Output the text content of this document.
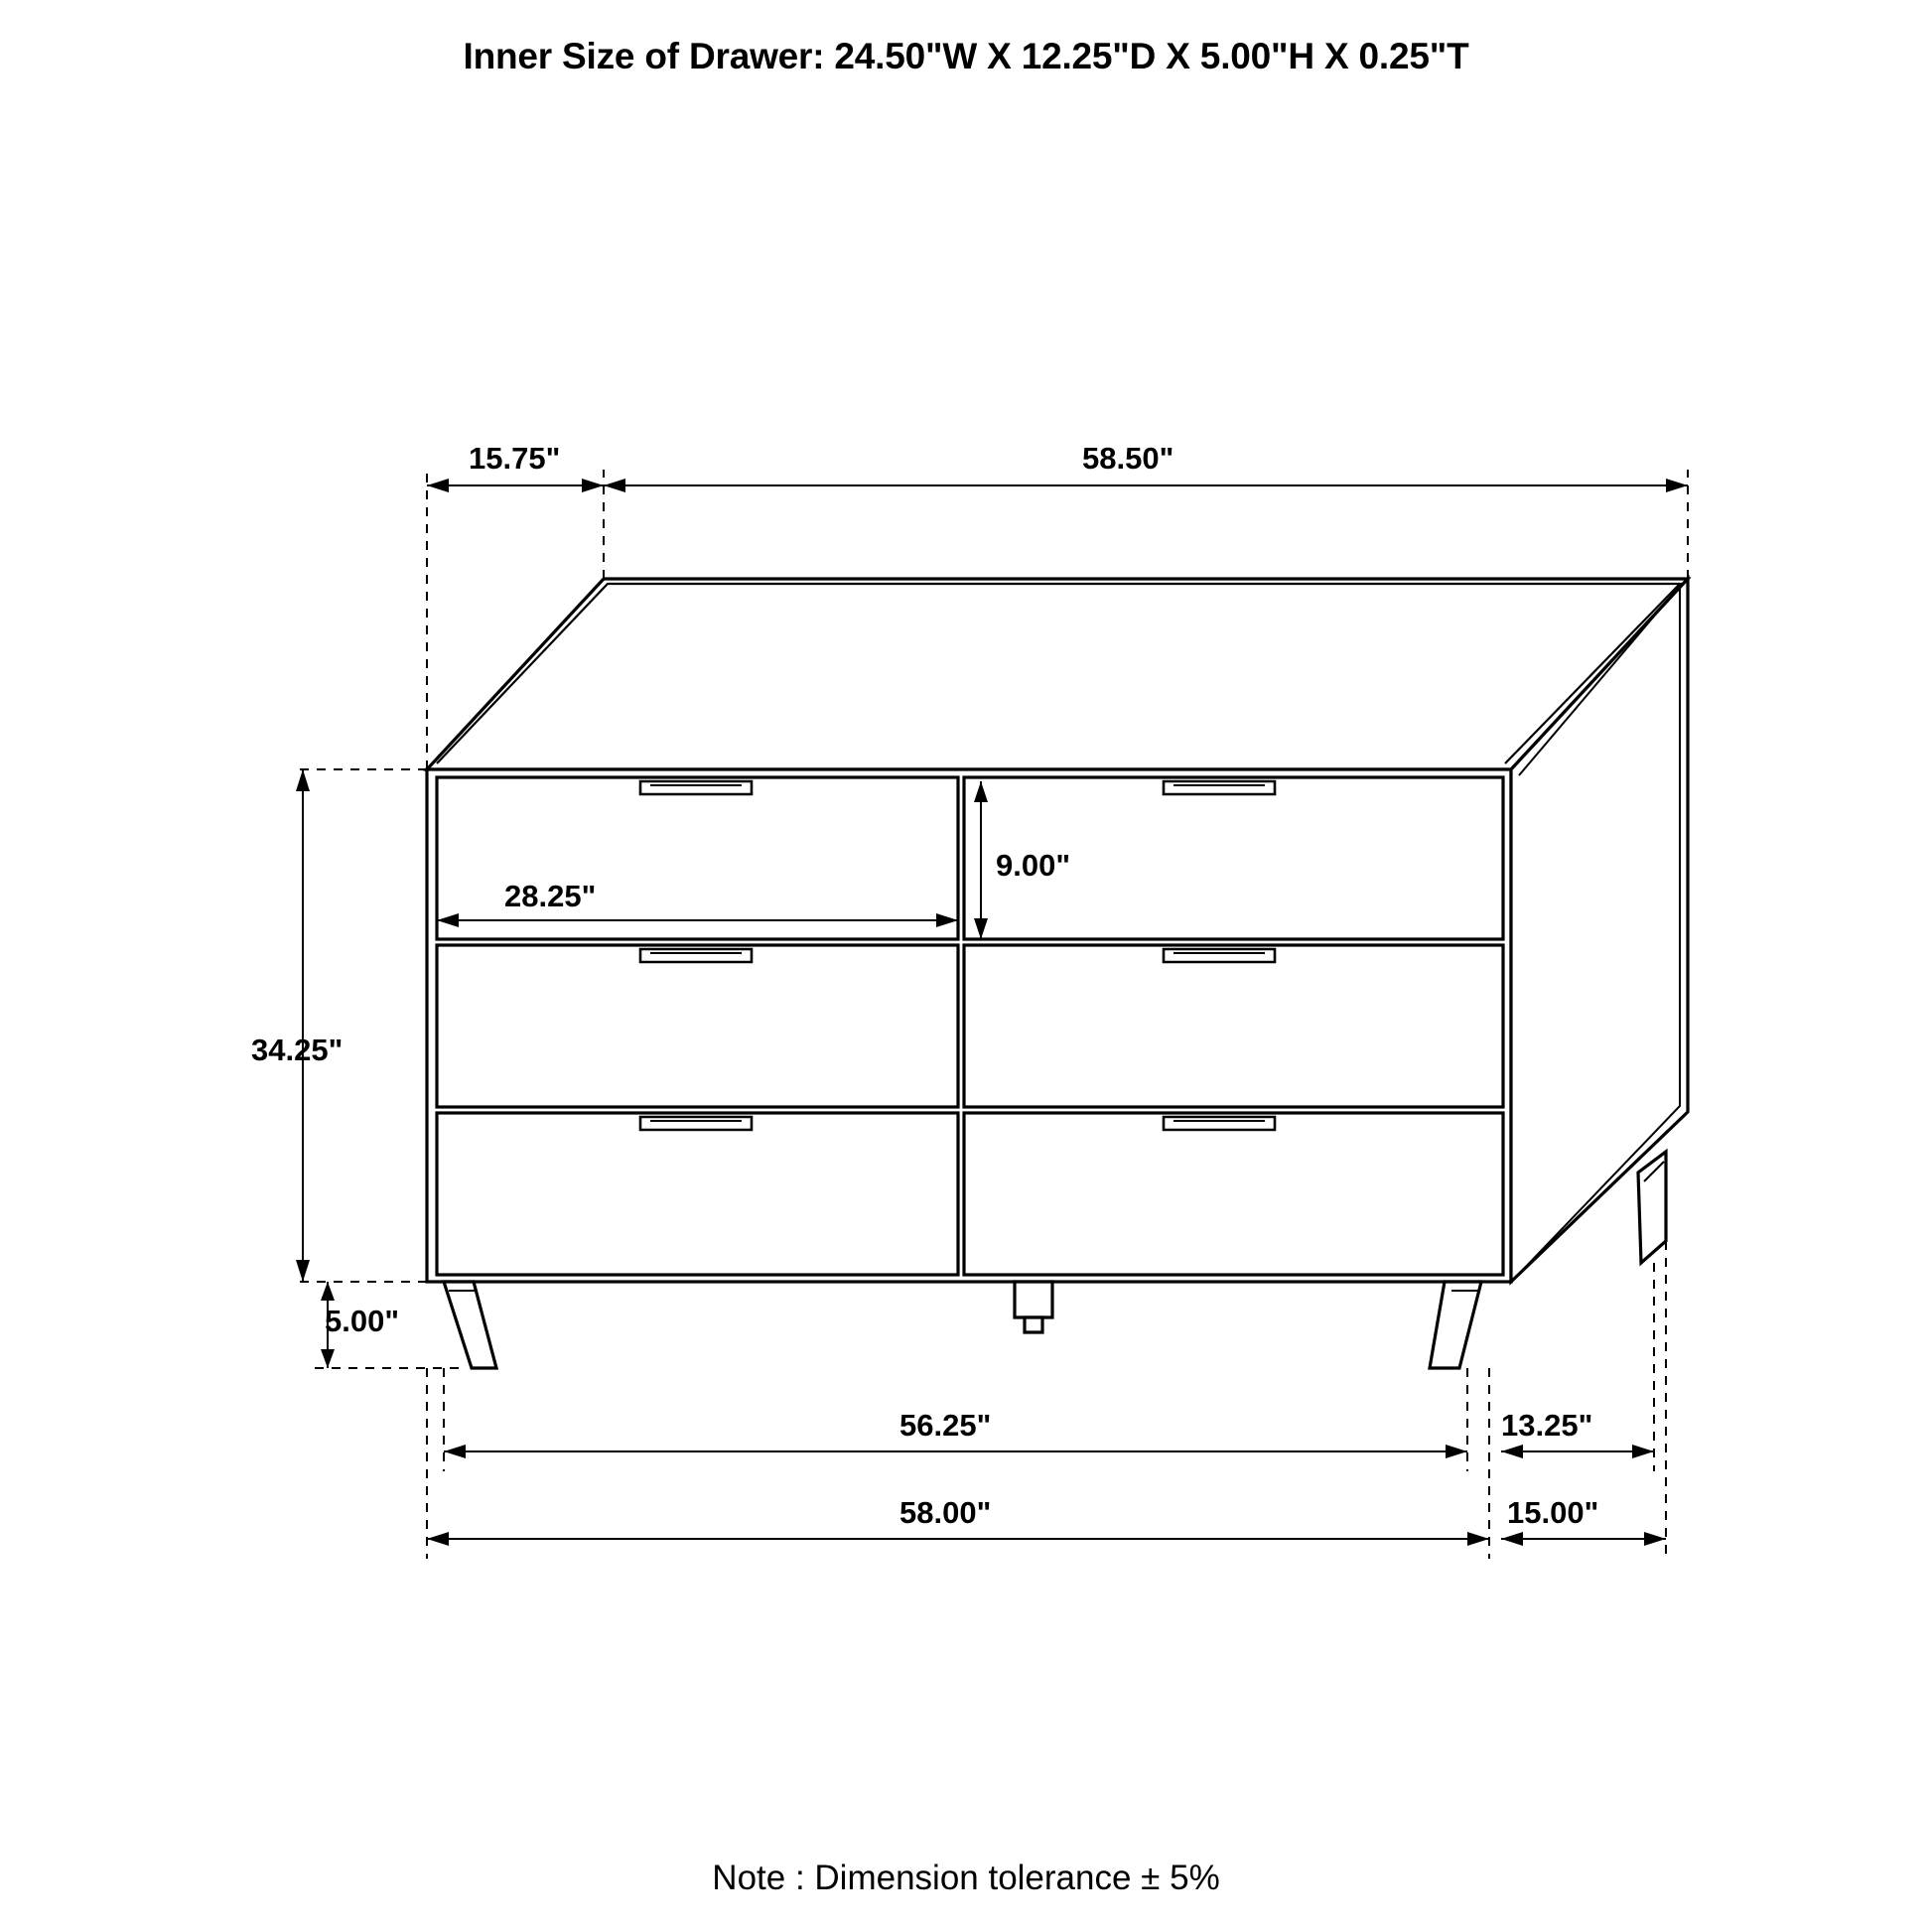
Inner Size of Drawer: 24.50"W X 12.25"D X 5.00"H X 0.25"T
15.75"	58.50"
28.25"
9.00"
34.25"
5.00"
56.25"	13.25"
58.00"	15.00"
Note : Dimension tolerance ± 5%
